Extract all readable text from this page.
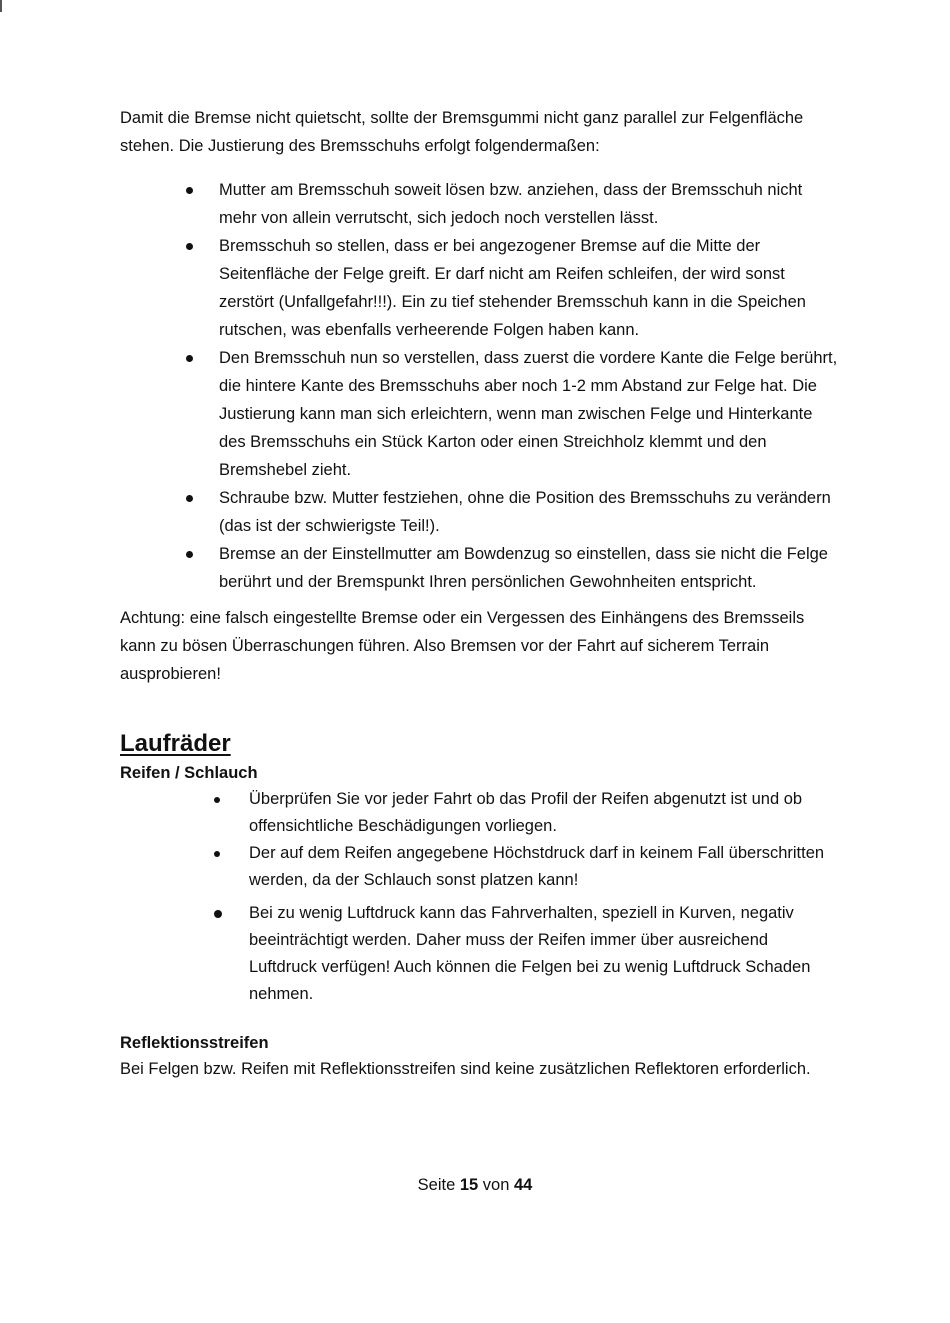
Damit die Bremse nicht quietscht, sollte der Bremsgummi nicht ganz parallel zur Felgenfläche stehen. Die Justierung des Bremsschuhs erfolgt folgendermaßen:

Mutter am Bremsschuh soweit lösen bzw. anziehen, dass der Bremsschuh nicht mehr von allein verrutscht, sich jedoch noch verstellen lässt.
Bremsschuh so stellen, dass er bei angezogener Bremse auf die Mitte der Seitenfläche der Felge greift. Er darf nicht am Reifen schleifen, der wird sonst zerstört (Unfallgefahr!!!). Ein zu tief stehender Bremsschuh kann in die Speichen rutschen, was ebenfalls verheerende Folgen haben kann.
Den Bremsschuh nun so verstellen, dass zuerst die vordere Kante die Felge berührt, die hintere Kante des Bremsschuhs aber noch 1-2 mm Abstand zur Felge hat. Die Justierung kann man sich erleichtern, wenn man zwischen Felge und Hinterkante des Bremsschuhs ein Stück Karton oder einen Streichholz klemmt und den Bremshebel zieht.
Schraube bzw. Mutter festziehen, ohne die Position des Bremsschuhs zu verändern (das ist der schwierigste Teil!).
Bremse an der Einstellmutter am Bowdenzug so einstellen, dass sie nicht die Felge berührt und der Bremspunkt Ihren persönlichen Gewohnheiten entspricht.

Achtung: eine falsch eingestellte Bremse oder ein Vergessen des Einhängens des Bremsseils kann zu bösen Überraschungen führen. Also Bremsen vor der Fahrt auf sicherem Terrain ausprobieren!

Laufräder
Reifen / Schlauch
Überprüfen Sie vor jeder Fahrt ob das Profil der Reifen abgenutzt ist und ob offensichtliche Beschädigungen vorliegen.
Der auf dem Reifen angegebene Höchstdruck darf in keinem Fall überschritten werden, da der Schlauch sonst platzen kann!
Bei zu wenig Luftdruck kann das Fahrverhalten, speziell in Kurven, negativ beeinträchtigt werden. Daher muss der Reifen immer über ausreichend Luftdruck verfügen! Auch können die Felgen bei zu wenig Luftdruck Schaden nehmen.
Reflektionsstreifen

Bei Felgen bzw. Reifen mit Reflektionsstreifen sind keine zusätzlichen Reflektoren erforderlich.

Seite 15 von 44
